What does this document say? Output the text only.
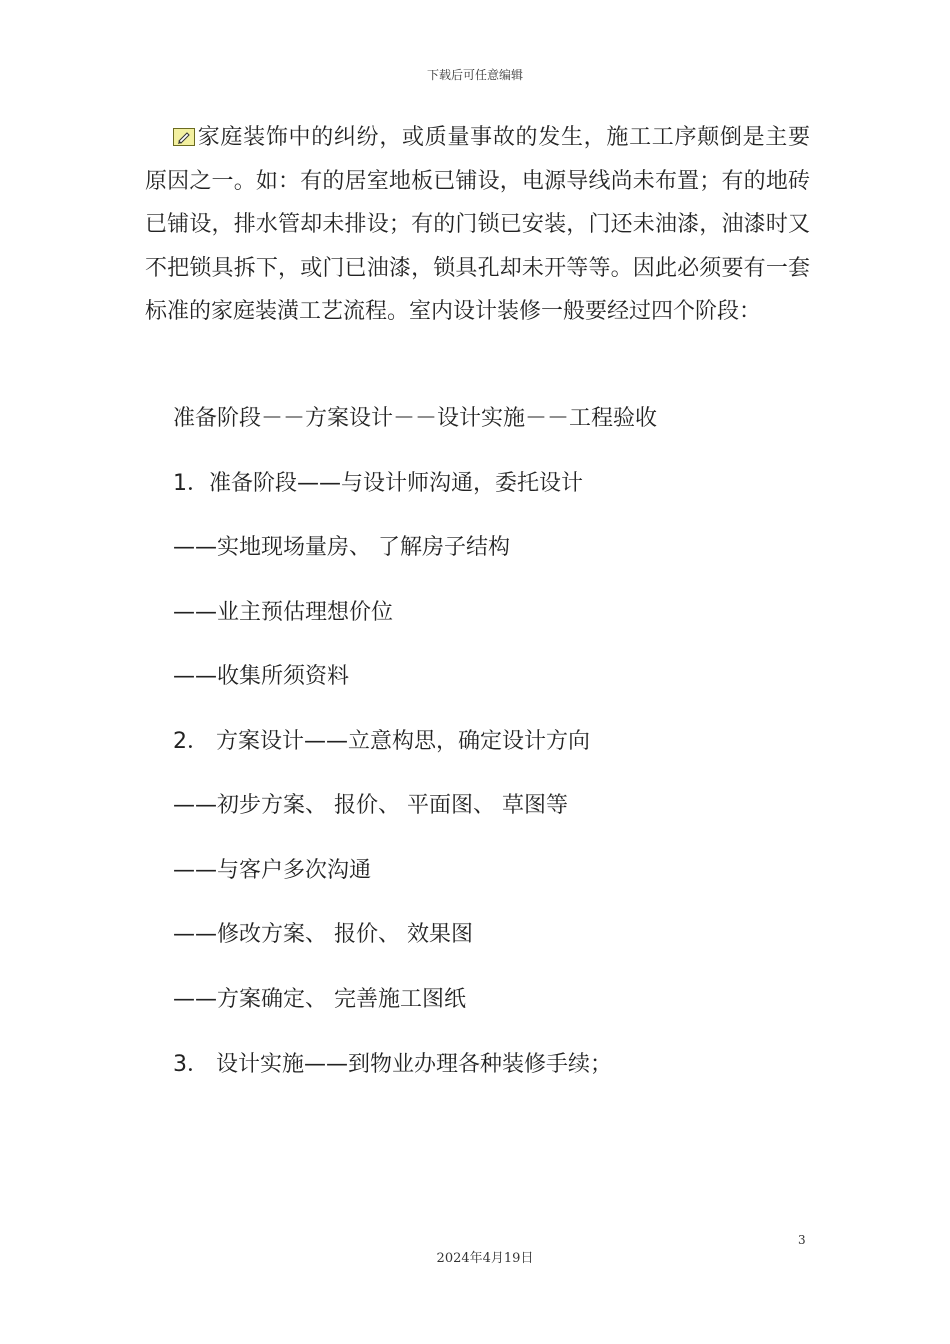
下载后可任意编辑

家庭装饰中的纠纷，或质量事故的发生，施工工序颠倒是主要原因之一。如：有的居室地板已铺设，电源导线尚未布置；有的地砖已铺设，排水管却未排设；有的门锁已安装，门还未油漆，油漆时又不把锁具拆下，或门已油漆，锁具孔却未开等等。因此必须要有一套标准的家庭装潢工艺流程。室内设计装修一般要经过四个阶段：

准备阶段－－方案设计－－设计实施－－工程验收

1．准备阶段——与设计师沟通，委托设计

——实地现场量房、 了解房子结构

——业主预估理想价位

——收集所须资料

2． 方案设计——立意构思，确定设计方向

——初步方案、 报价、 平面图、 草图等

——与客户多次沟通

——修改方案、 报价、 效果图

——方案确定、 完善施工图纸

3． 设计实施——到物业办理各种装修手续；

3
2024年4月19日
